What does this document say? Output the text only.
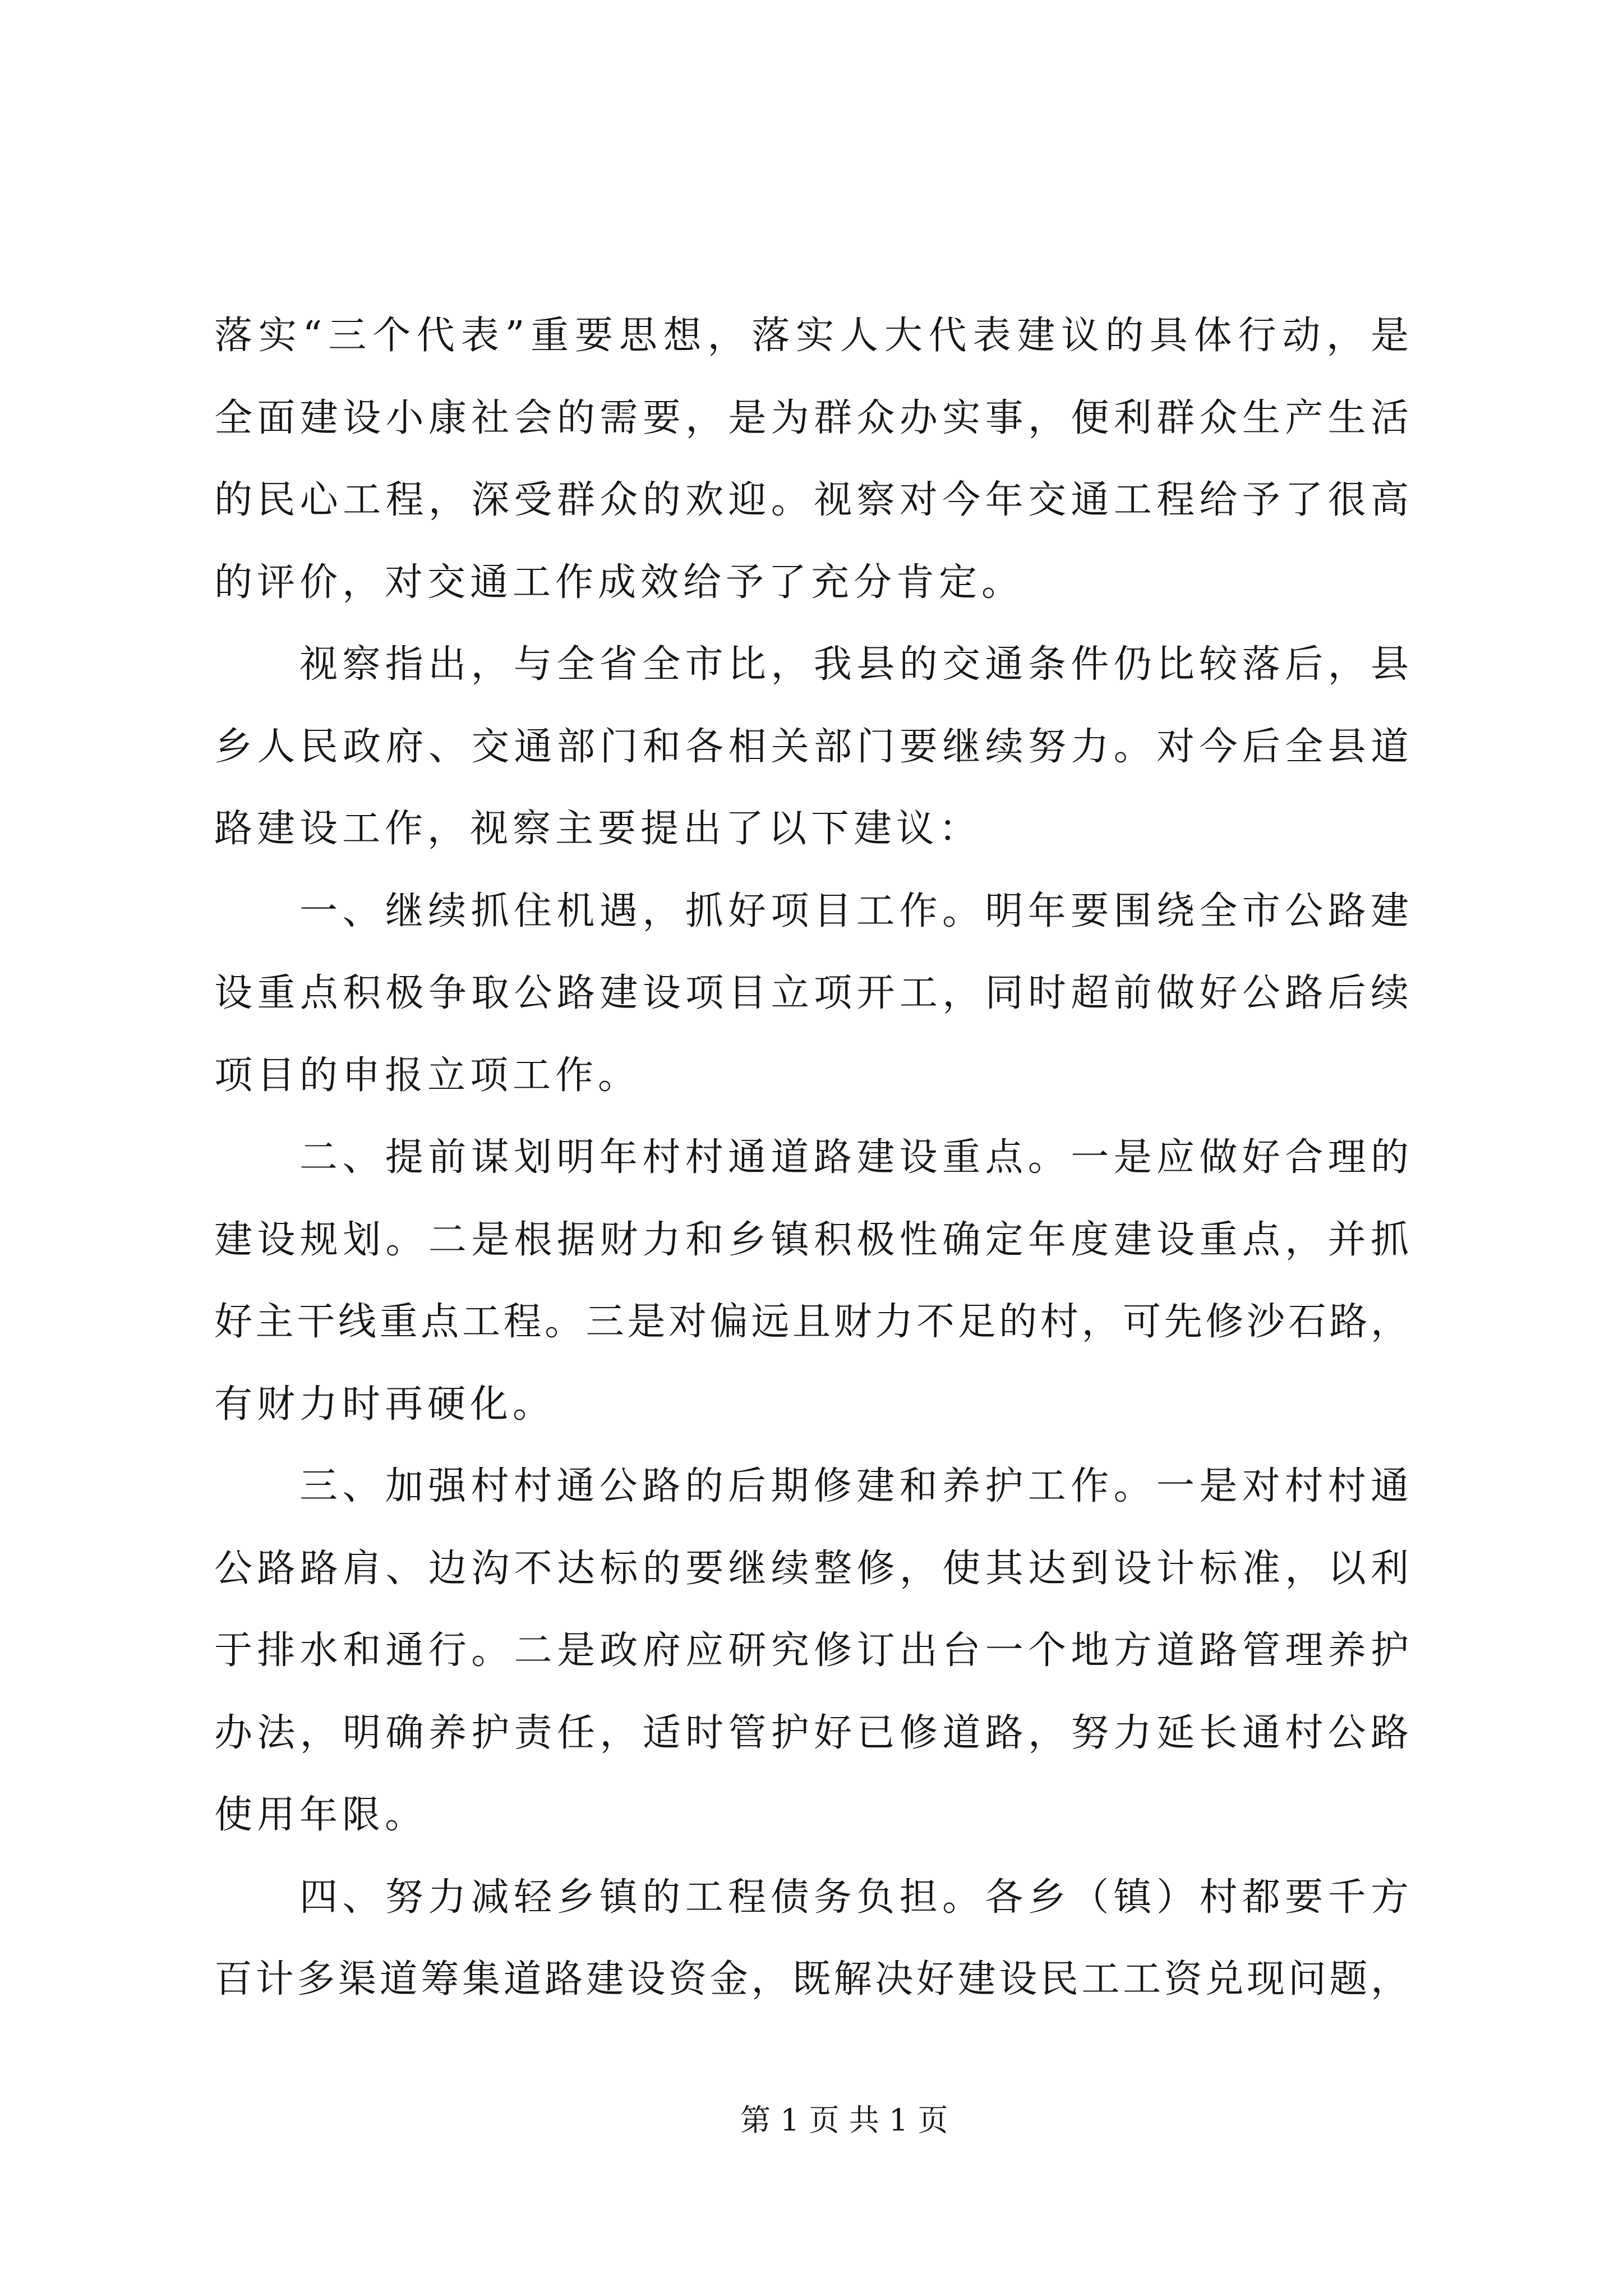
落实“三个代表”重要思想，落实人大代表建议的具体行动，是
全面建设小康社会的需要，是为群众办实事，便利群众生产生活
的民心工程，深受群众的欢迎。视察对今年交通工程给予了很高
的评价，对交通工作成效给予了充分肯定。
视察指出，与全省全市比，我县的交通条件仍比较落后，县
乡人民政府、交通部门和各相关部门要继续努力。对今后全县道
路建设工作，视察主要提出了以下建议：
一、继续抓住机遇，抓好项目工作。明年要围绕全市公路建
设重点积极争取公路建设项目立项开工，同时超前做好公路后续
项目的申报立项工作。
二、提前谋划明年村村通道路建设重点。一是应做好合理的
建设规划。二是根据财力和乡镇积极性确定年度建设重点，并抓
好主干线重点工程。三是对偏远且财力不足的村，可先修沙石路，
有财力时再硬化。
三、加强村村通公路的后期修建和养护工作。一是对村村通
公路路肩、边沟不达标的要继续整修，使其达到设计标准，以利
于排水和通行。二是政府应研究修订出台一个地方道路管理养护
办法，明确养护责任，适时管护好已修道路，努力延长通村公路
使用年限。
四、努力减轻乡镇的工程债务负担。各乡（镇）村都要千方
百计多渠道筹集道路建设资金，既解决好建设民工工资兑现问题，
第 1 页 共 1 页
